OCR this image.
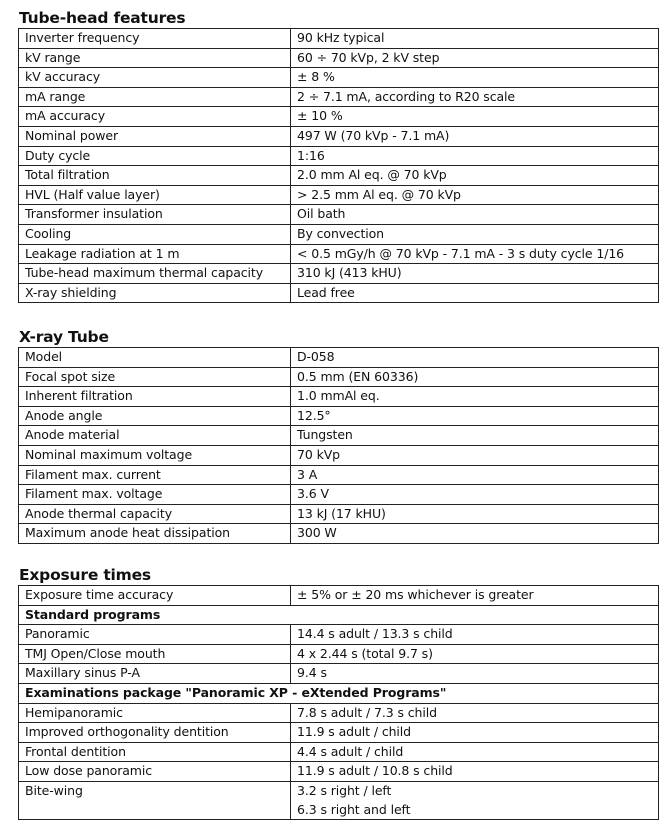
Tube-head features
Inverter frequency	90 kHz typical
kV range	60 ÷ 70 kVp, 2 kV step
kV accuracy	± 8 %
mA range	2 ÷ 7.1 mA, according to R20 scale
mA accuracy	± 10 %
Nominal power	497 W (70 kVp - 7.1 mA)
Duty cycle	1:16
Total filtration	2.0 mm Al eq. @ 70 kVp
HVL (Half value layer)	> 2.5 mm Al eq. @ 70 kVp
Transformer insulation	Oil bath
Cooling	By convection
Leakage radiation at 1 m	< 0.5 mGy/h @ 70 kVp - 7.1 mA - 3 s duty cycle 1/16
Tube-head maximum thermal capacity	310 kJ (413 kHU)
X-ray shielding	Lead free
X-ray Tube
Model	D-058
Focal spot size	0.5 mm (EN 60336)
Inherent filtration	1.0 mmAl eq.
Anode angle	12.5°
Anode material	Tungsten
Nominal maximum voltage	70 kVp
Filament max. current	3 A
Filament max. voltage	3.6 V
Anode thermal capacity	13 kJ (17 kHU)
Maximum anode heat dissipation	300 W
Exposure times
Exposure time accuracy	± 5% or ± 20 ms whichever is greater
Standard programs	
Panoramic	14.4 s adult / 13.3 s child
TMJ Open/Close mouth	4 x 2.44 s (total 9.7 s)
Maxillary sinus P-A	9.4 s
Examinations package "Panoramic XP - eXtended Programs"	
Hemipanoramic	7.8 s adult / 7.3 s child
Improved orthogonality dentition	11.9 s adult / child
Frontal dentition	4.4 s adult / child
Low dose panoramic	11.9 s adult / 10.8 s child
Bite-wing	3.2 s right / left
	6.3 s right and left
